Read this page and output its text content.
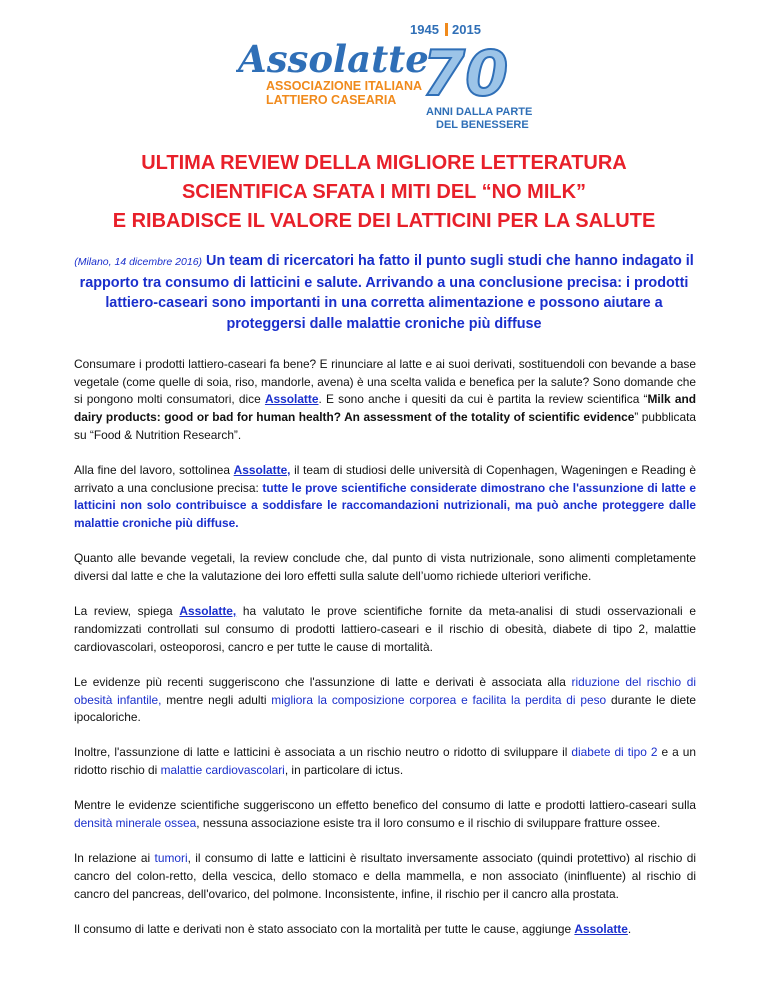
1945 2015
Assolatte
70
ASSOCIAZIONE ITALIANA
LATTIERO CASEARIA
ANNI DALLA PARTE
DEL BENESSERE
ULTIMA REVIEW DELLA MIGLIORE LETTERATURA
SCIENTIFICA SFATA I MITI DEL “NO MILK”
E RIBADISCE IL VALORE DEI LATTICINI PER LA SALUTE

(Milano, 14 dicembre 2016) Un team di ricercatori ha fatto il punto sugli studi che hanno indagato il rapporto tra consumo di latticini e salute. Arrivando a una conclusione precisa: i prodotti lattiero-caseari sono importanti in una corretta alimentazione e possono aiutare a proteggersi dalle malattie croniche più diffuse

Consumare i prodotti lattiero-caseari fa bene? E rinunciare al latte e ai suoi derivati, sostituendoli con bevande a base vegetale (come quelle di soia, riso, mandorle, avena) è una scelta valida e benefica per la salute? Sono domande che si pongono molti consumatori, dice Assolatte. E sono anche i quesiti da cui è partita la review scientifica “Milk and dairy products: good or bad for human health? An assessment of the totality of scientific evidence” pubblicata su “Food & Nutrition Research”.

Alla fine del lavoro, sottolinea Assolatte, il team di studiosi delle università di Copenhagen, Wageningen e Reading è arrivato a una conclusione precisa: tutte le prove scientifiche considerate dimostrano che l'assunzione di latte e latticini non solo contribuisce a soddisfare le raccomandazioni nutrizionali, ma può anche proteggere dalle malattie croniche più diffuse.

Quanto alle bevande vegetali, la review conclude che, dal punto di vista nutrizionale, sono alimenti completamente diversi dal latte e che la valutazione dei loro effetti sulla salute dell’uomo richiede ulteriori verifiche.

La review, spiega Assolatte, ha valutato le prove scientifiche fornite da meta-analisi di studi osservazionali e randomizzati controllati sul consumo di prodotti lattiero-caseari e il rischio di obesità, diabete di tipo 2, malattie cardiovascolari, osteoporosi, cancro e per tutte le cause di mortalità.

Le evidenze più recenti suggeriscono che l'assunzione di latte e derivati è associata alla riduzione del rischio di obesità infantile, mentre negli adulti migliora la composizione corporea e facilita la perdita di peso durante le diete ipocaloriche.

Inoltre, l'assunzione di latte e latticini è associata a un rischio neutro o ridotto di sviluppare il diabete di tipo 2 e a un ridotto rischio di malattie cardiovascolari, in particolare di ictus.

Mentre le evidenze scientifiche suggeriscono un effetto benefico del consumo di latte e prodotti lattiero-caseari sulla densità minerale ossea, nessuna associazione esiste tra il loro consumo e il rischio di sviluppare fratture ossee.

In relazione ai tumori, il consumo di latte e latticini è risultato inversamente associato (quindi protettivo) al rischio di cancro del colon-retto, della vescica, dello stomaco e della mammella, e non associato (ininfluente) al rischio di cancro del pancreas, dell'ovarico, del polmone. Inconsistente, infine, il rischio per il cancro alla prostata.

Il consumo di latte e derivati non è stato associato con la mortalità per tutte le cause, aggiunge Assolatte.
